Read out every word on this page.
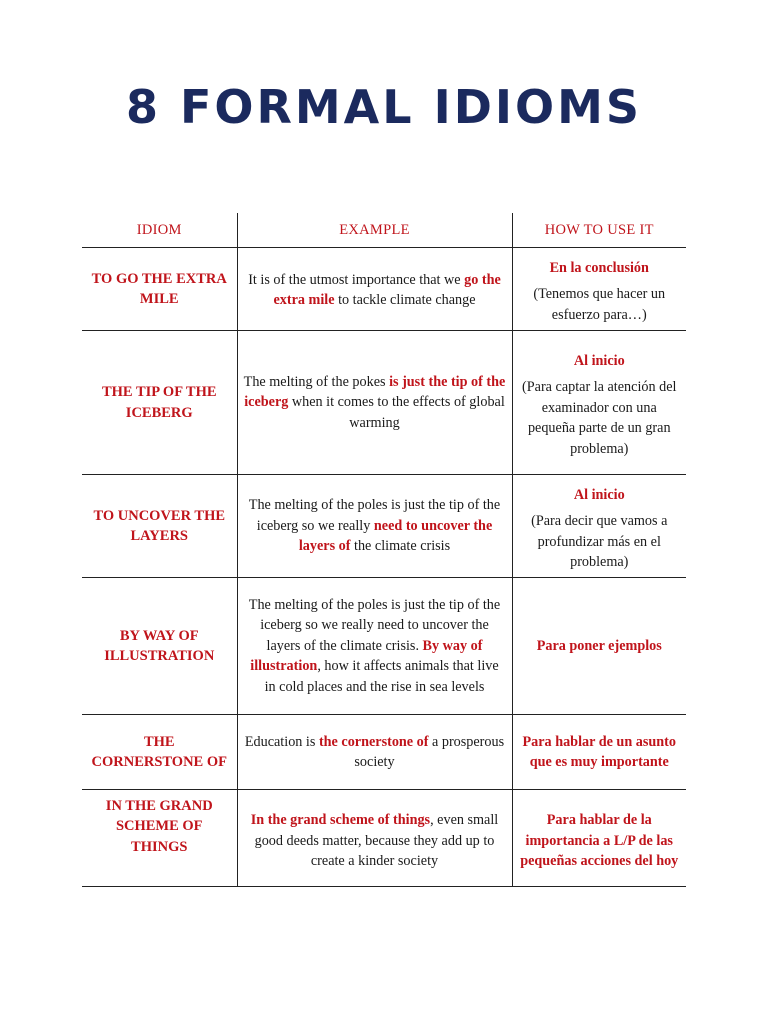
8 FORMAL IDIOMS
IDIOM	EXAMPLE	HOW TO USE IT
TO GO THE EXTRA MILE	It is of the utmost importance that we go the extra mile to tackle climate change	En la conclusión
(Tenemos que hacer un esfuerzo para…)

THE TIP OF THE ICEBERG	The melting of the pokes is just the tip of the iceberg when it comes to the effects of global warming	Al inicio
(Para captar la atención del examinador con una pequeña parte de un gran problema)

TO UNCOVER THE LAYERS	The melting of the poles is just the tip of the iceberg so we really need to uncover the layers of the climate crisis	Al inicio
(Para decir que vamos a profundizar más en el problema)

BY WAY OF ILLUSTRATION	The melting of the poles is just the tip of the iceberg so we really need to uncover the layers of the climate crisis. By way of illustration, how it affects animals that live in cold places and the rise in sea levels	Para poner ejemplos

THE CORNERSTONE OF	Education is the cornerstone of a prosperous society	Para hablar de un asunto que es muy importante

IN THE GRAND SCHEME OF THINGS	In the grand scheme of things, even small good deeds matter, because they add up to create a kinder society	Para hablar de la importancia a L/P de las pequeñas acciones del hoy
